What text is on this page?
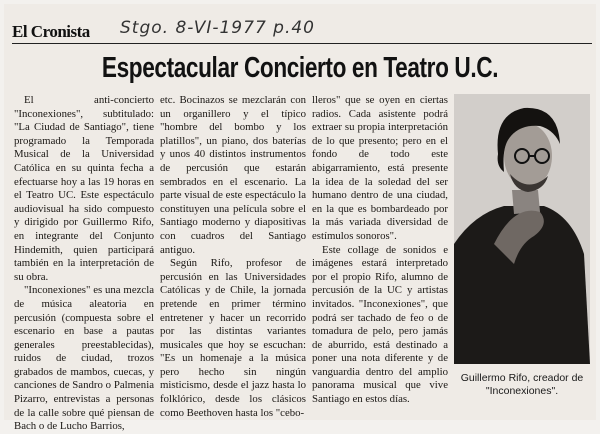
El Cronista Stgo. 8-VI-1977 p.40
Espectacular Concierto en Teatro U.C.

El anti-concierto "Inconexiones", subtitulado: "La Ciudad de Santiago", tiene programado la Temporada Musical de la Universidad Católica en su quinta fecha a efectuarse hoy a las 19 horas en el Teatro UC. Este espectáculo audiovisual ha sido compuesto y dirigido por Guillermo Rifo, en integrante del Conjunto Hindemith, quien participará también en la interpretación de su obra.

"Inconexiones" es una mezcla de música aleatoria en percusión (compuesta sobre el escenario en base a pautas generales preestablecidas), ruidos de ciudad, trozos grabados de mambos, cuecas, y canciones de Sandro o Palmenia Pizarro, entrevistas a personas de la calle sobre qué piensan de Bach o de Lucho Barrios,

etc. Bocinazos se mezclarán con un organillero y el típico "hombre del bombo y los platillos", un piano, dos baterías y unos 40 distintos instrumentos de percusión que estarán sembrados en el escenario. La parte visual de este espectáculo la constituyen una película sobre el Santiago moderno y diapositivas con cuadros del Santiago antiguo.

Según Rifo, profesor de percusión en las Universidades Católicas y de Chile, la jornada pretende en primer término entretener y hacer un recorrido por las distintas variantes musicales que hoy se escuchan: "Es un homenaje a la música pero hecho sin ningún misticismo, desde el jazz hasta lo folklórico, desde los clásicos como Beethoven hasta los "cebo-

lleros" que se oyen en ciertas radios. Cada asistente podrá extraer su propia interpretación de lo que presento; pero en el fondo de todo este abigarramiento, está presente la idea de la soledad del ser humano dentro de una ciudad, en la que es bombardeado por la más variada diversidad de estímulos sonoros".

Este collage de sonidos e imágenes estará interpretado por el propio Rifo, alumno de percusión de la UC y artistas invitados. "Inconexiones", que podrá ser tachado de feo o de tomadura de pelo, pero jamás de aburrido, está destinado a poner una nota diferente y de vanguardia dentro del amplio panorama musical que vive Santiago en estos días.

Guillermo Rifo, creador de "Inconexiones".
